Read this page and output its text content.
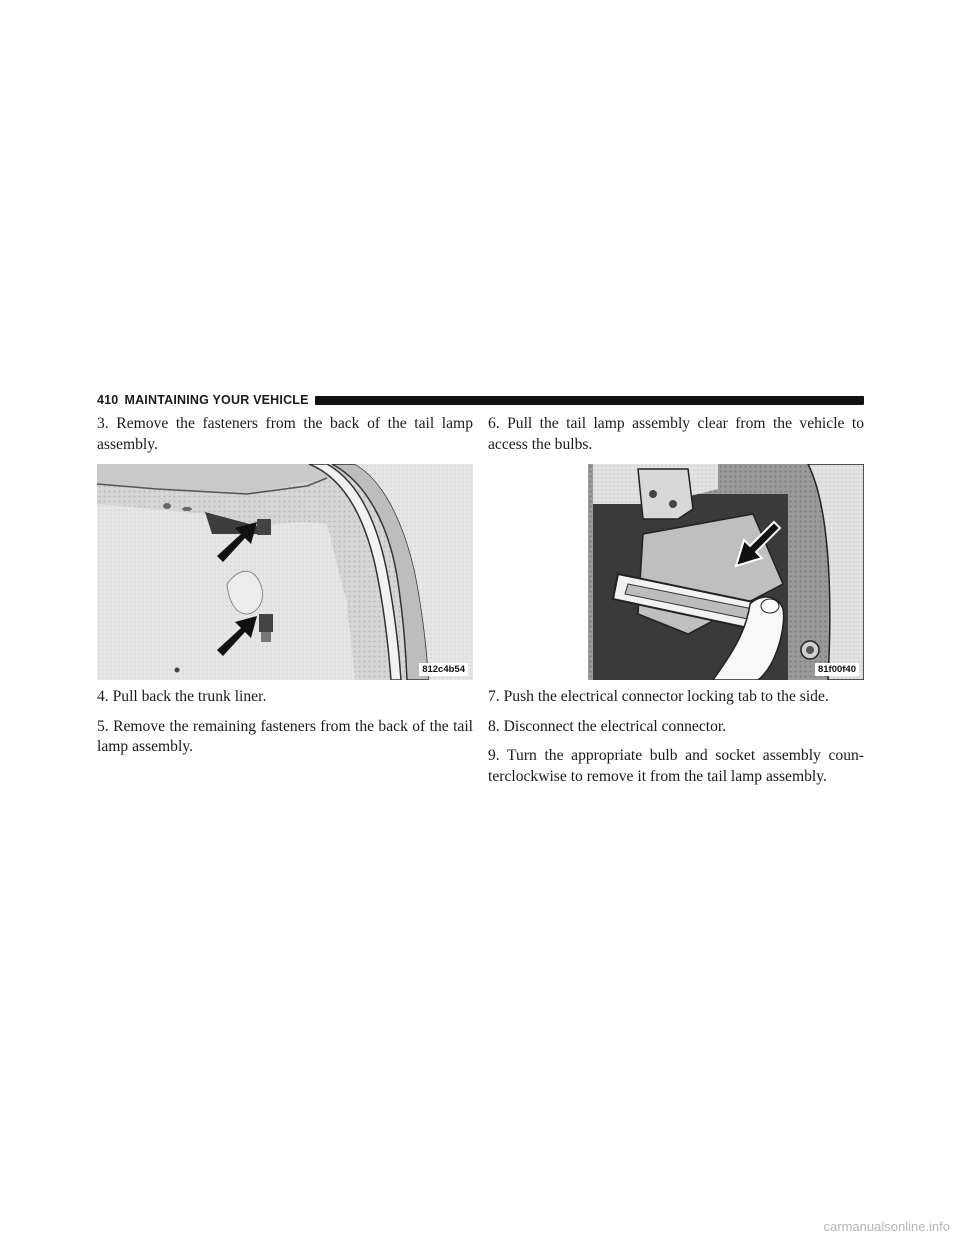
410 MAINTAINING YOUR VEHICLE

3. Remove the fasteners from the back of the tail lamp assembly.

812c4b54

4. Pull back the trunk liner.

5. Remove the remaining fasteners from the back of the tail lamp assembly.

6. Pull the tail lamp assembly clear from the vehicle to access the bulbs.

81f00f40

7. Push the electrical connector locking tab to the side.

8. Disconnect the electrical connector.

9. Turn the appropriate bulb and socket assembly coun-terclockwise to remove it from the tail lamp assembly.

carmanualsonline.info
